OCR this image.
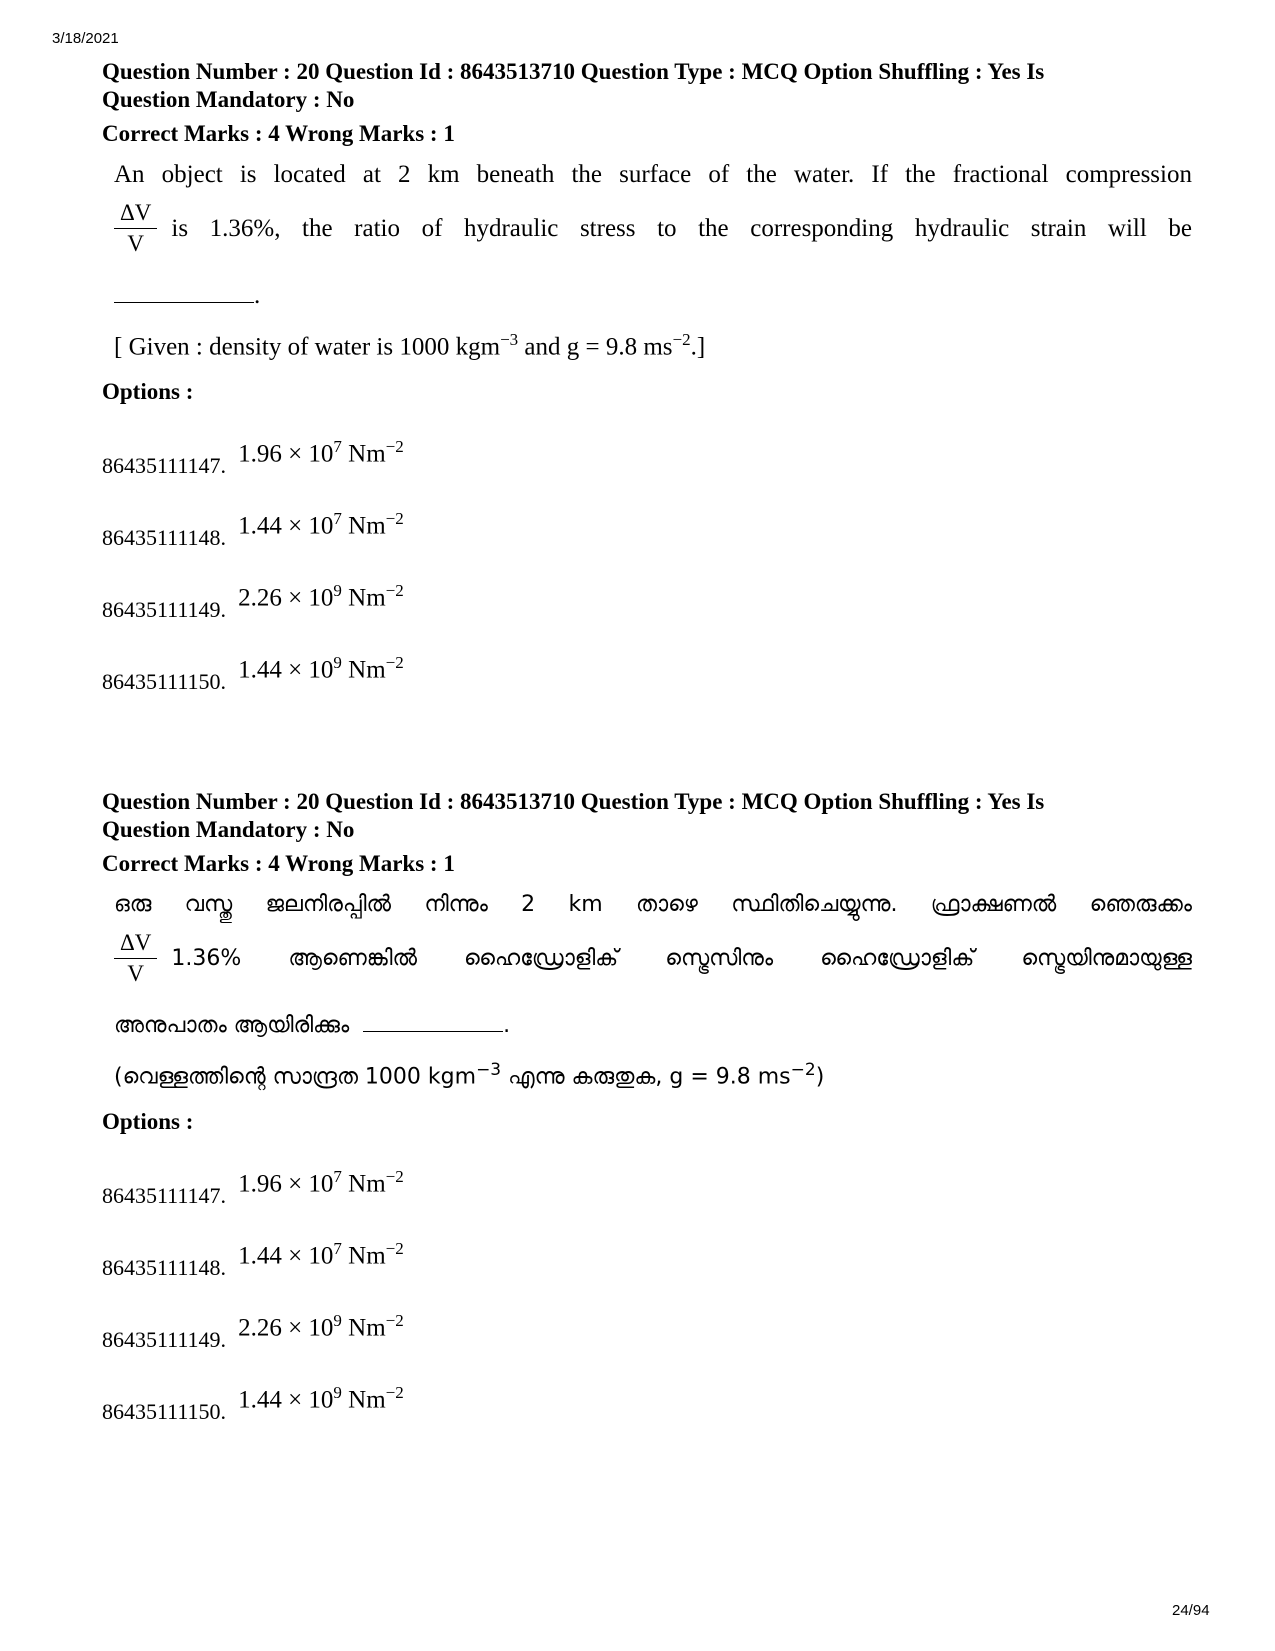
3/18/2021
Question Number : 20 Question Id : 8643513710 Question Type : MCQ Option Shuffling : Yes Is
Question Mandatory : No
Correct Marks : 4 Wrong Marks : 1
An object is located at 2 km beneath the surface of the water. If the fractional compression
$\frac{\Delta V}{V}$ is 1.36%, the ratio of hydraulic stress to the corresponding hydraulic strain will be
.
[ Given : density of water is 1000 kgm$^{-3}$ and g = 9.8 $ms^{-2}$.]
Options :
86435111147. $1.96 \times 10^7$ $Nm^{-2}$
86435111148. $1.44 \times 10^7$ $Nm^{-2}$
86435111149. $2.26 \times 10^9$ $Nm^{-2}$
86435111150. $1.44 \times 10^9$ $Nm^{-2}$
Question Number : 20 Question Id : 8643513710 Question Type : MCQ Option Shuffling : Yes Is
Question Mandatory : No
Correct Marks : 4 Wrong Marks : 1
ഒരു വസ്തു ജലനിരപ്പിൽ നിന്നും 2 km താഴെ സ്ഥിതിചെയ്യുന്നു. ഫ്രാക്ഷണൽ ഞെരുക്കം
$\frac{\Delta V}{V} 1.36\%$ ആണെങ്കിൽ ഹൈഡ്രോളിക് സ്ട്രെസിനും ഹൈഡ്രോളിക് സ്ട്രെയിനുമായുള്ള
അനുപാതം ആയിരിക്കും	.
(വെള്ളത്തിന്റെ സാന്ദ്രത 1000 kgm$^{-3}$ എന്നു കരുതുക, g = 9.8 $ms^{-2}$)
Options :
86435111147. $1.96 \times 10^7$ $Nm^{-2}$
86435111148. $1.44 \times 10^7$ $Nm^{-2}$
86435111149. $2.26 \times 10^9$ $Nm^{-2}$
86435111150. $1.44 \times 10^9$ $Nm^{-2}$
24/94
